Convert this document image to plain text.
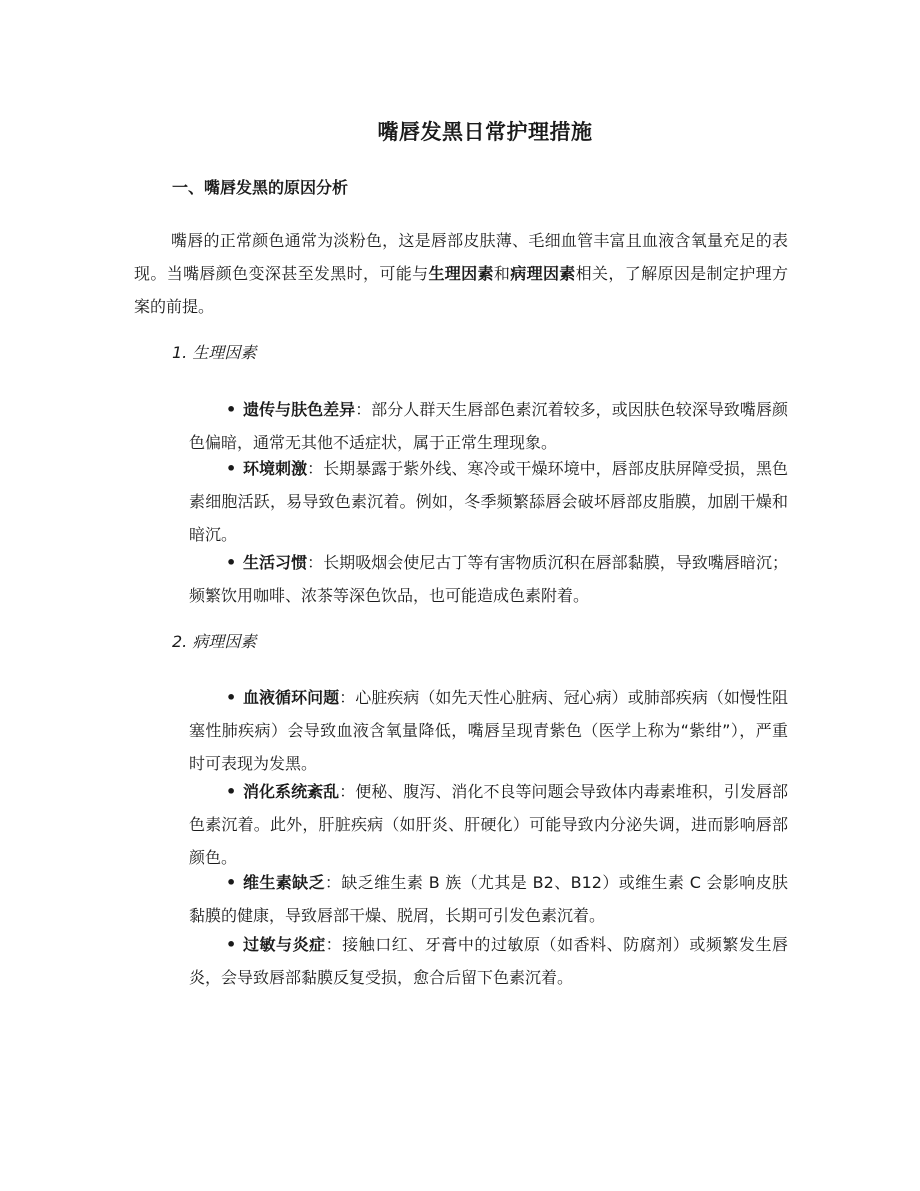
嘴唇发黑日常护理措施
一、嘴唇发黑的原因分析
嘴唇的正常颜色通常为淡粉色，这是唇部皮肤薄、毛细血管丰富且血液含氧量充足的表现。当嘴唇颜色变深甚至发黑时，可能与生理因素和病理因素相关，了解原因是制定护理方案的前提。
1. 生理因素
• 遗传与肤色差异：部分人群天生唇部色素沉着较多，或因肤色较深导致嘴唇颜色偏暗，通常无其他不适症状，属于正常生理现象。
• 环境刺激：长期暴露于紫外线、寒冷或干燥环境中，唇部皮肤屏障受损，黑色素细胞活跃，易导致色素沉着。例如，冬季频繁舔唇会破坏唇部皮脂膜，加剧干燥和暗沉。
• 生活习惯：长期吸烟会使尼古丁等有害物质沉积在唇部黏膜，导致嘴唇暗沉；频繁饮用咖啡、浓茶等深色饮品，也可能造成色素附着。
2. 病理因素
• 血液循环问题：心脏疾病（如先天性心脏病、冠心病）或肺部疾病（如慢性阻塞性肺疾病）会导致血液含氧量降低，嘴唇呈现青紫色（医学上称为“紫绀”），严重时可表现为发黑。
• 消化系统紊乱：便秘、腹泻、消化不良等问题会导致体内毒素堆积，引发唇部色素沉着。此外，肝脏疾病（如肝炎、肝硬化）可能导致内分泌失调，进而影响唇部颜色。
• 维生素缺乏：缺乏维生素 B 族（尤其是 B2、B12）或维生素 C 会影响皮肤黏膜的健康，导致唇部干燥、脱屑，长期可引发色素沉着。
• 过敏与炎症：接触口红、牙膏中的过敏原（如香料、防腐剂）或频繁发生唇炎，会导致唇部黏膜反复受损，愈合后留下色素沉着。
